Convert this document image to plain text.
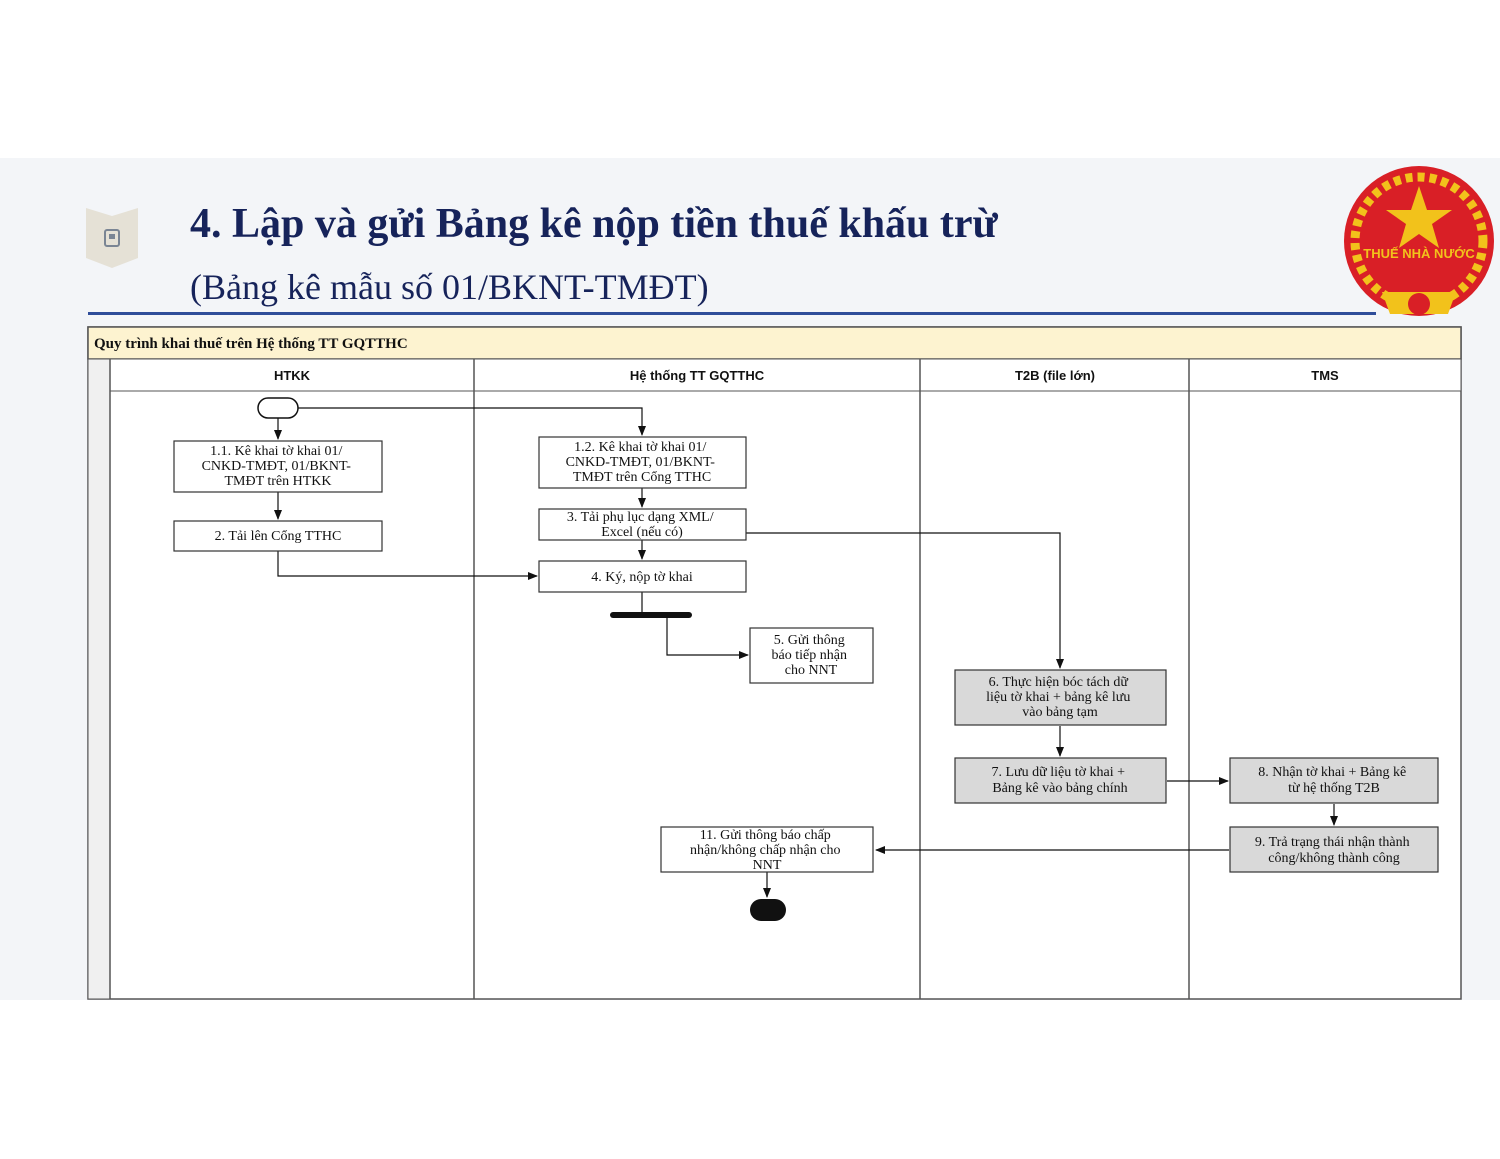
4. Lập và gửi Bảng kê nộp tiền thuế khấu trừ
(Bảng kê mẫu số 01/BKNT-TMĐT)
THUẾ NHÀ NƯỚC
Quy trình khai thuế trên Hệ thống TT GQTTHC
HTKK	Hệ thống TT GQTTHC	T2B (file lớn)	TMS
1.1. Kê khai tờ khai 01/ CNKD-TMĐT, 01/BKNT- TMĐT trên HTKK
2. Tải lên Cổng TTHC
1.2. Kê khai tờ khai 01/ CNKD-TMĐT, 01/BKNT- TMĐT trên Cổng TTHC
3. Tải phụ lục dạng XML/ Excel (nếu có)
4. Ký, nộp tờ khai
5. Gửi thông báo tiếp nhận cho NNT
6. Thực hiện bóc tách dữ liệu tờ khai + bảng kê lưu vào bảng tạm
7. Lưu dữ liệu tờ khai + Bảng kê vào bảng chính
8. Nhận tờ khai + Bảng kê từ hệ thống T2B
9. Trả trạng thái nhận thành công/không thành công
11. Gửi thông báo chấp nhận/không chấp nhận cho NNT
